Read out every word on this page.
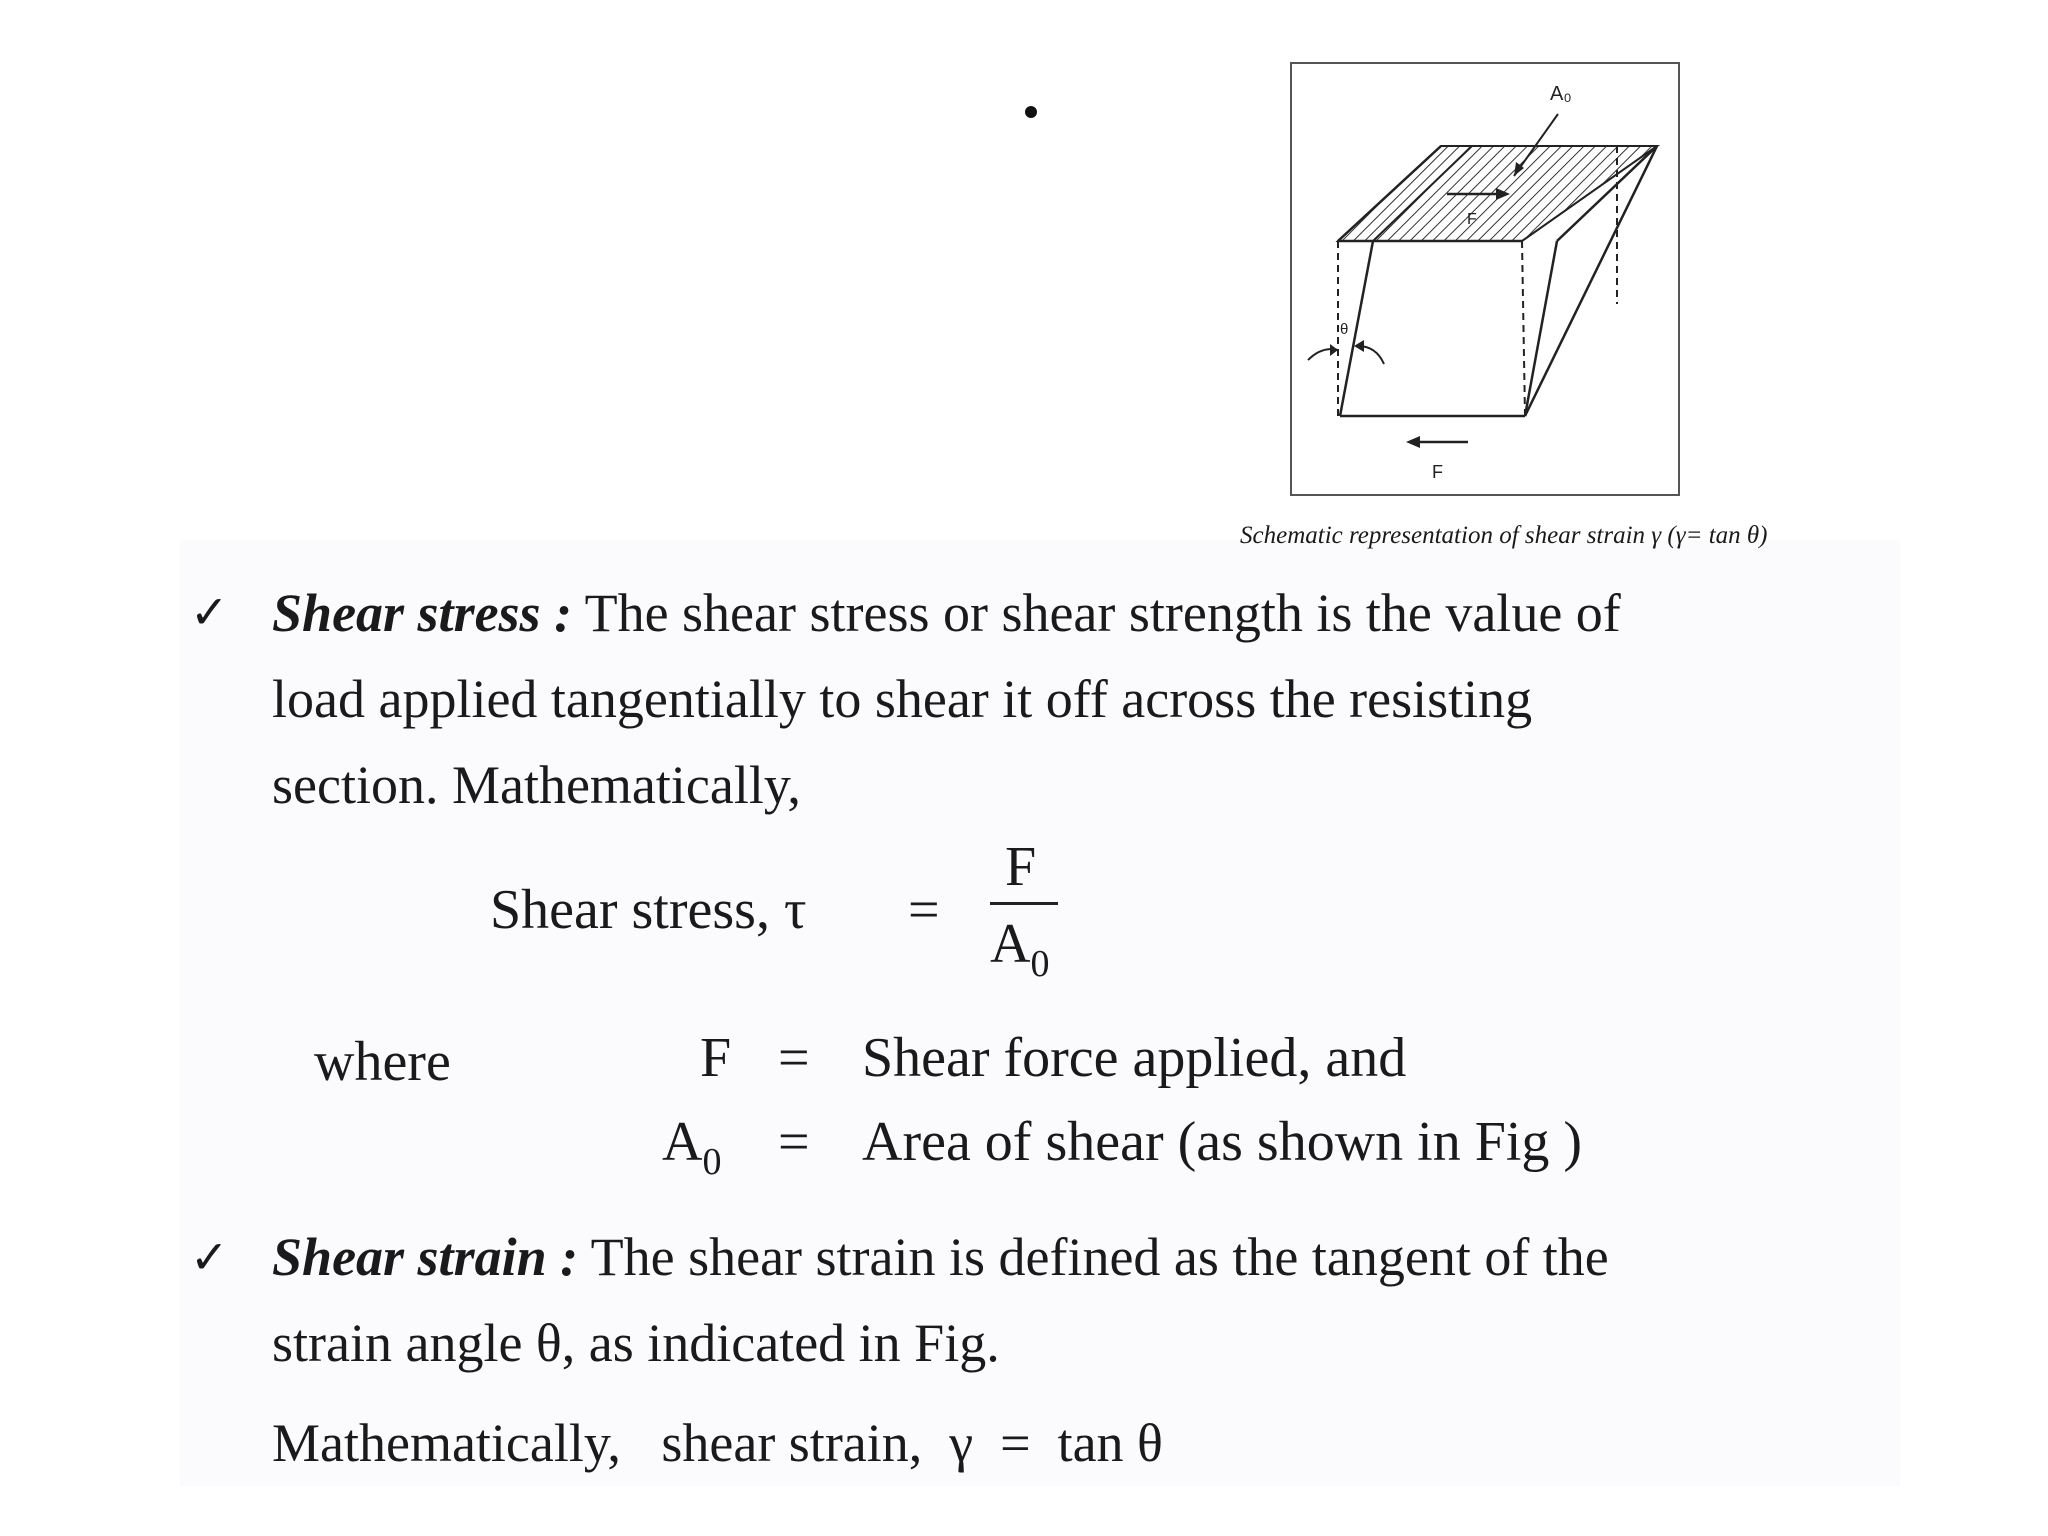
A₀
F
F
θ
Schematic representation of shear strain γ (γ= tan θ)
✓ Shear stress : The shear stress or shear strength is the value of
load applied tangentially to shear it off across the resisting
section. Mathematically,
Shear stress, τ =
F
$A_0$
where	F = Shear force applied, and
$A_0$ = Area of shear (as shown in Fig )
✓ Shear strain : The shear strain is defined as the tangent of the
strain angle θ, as indicated in Fig.
Mathematically,   shear strain,  γ  =  tan θ
